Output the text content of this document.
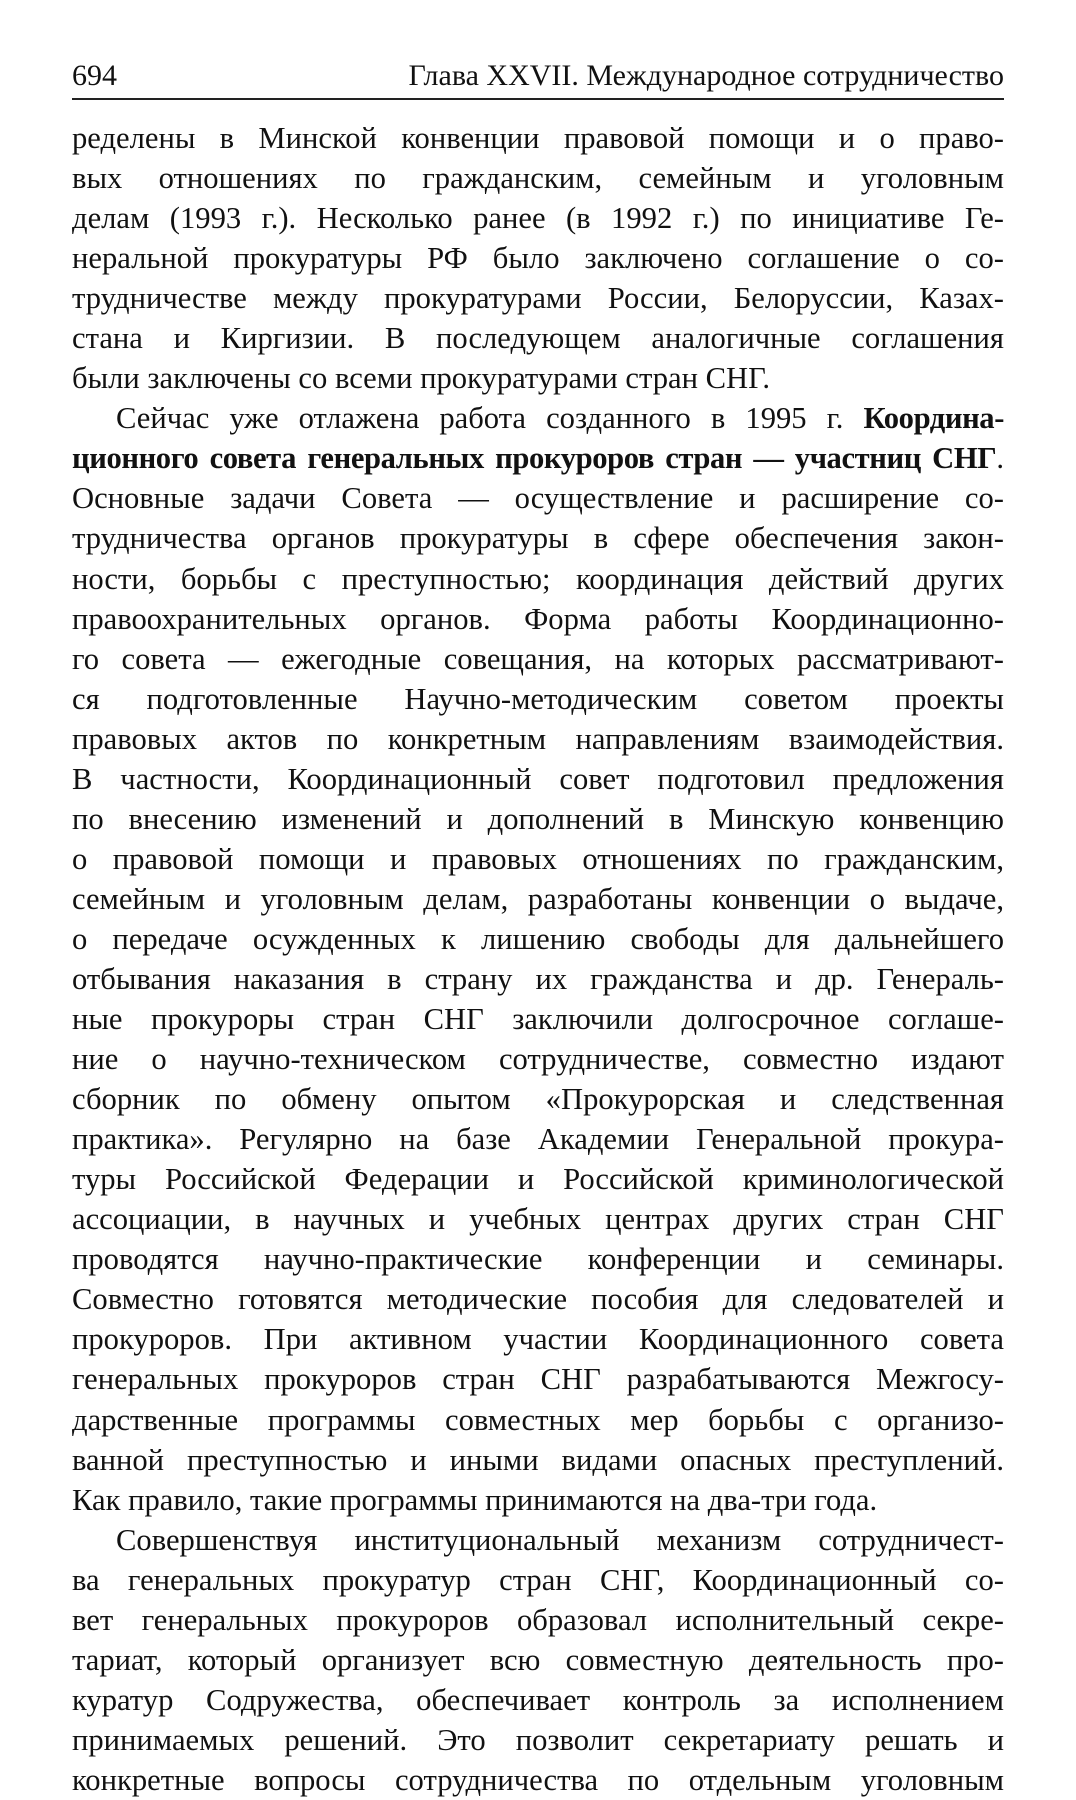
694	Глава XXVII. Международное сотрудничество
ределены в Минской конвенции правовой помощи и о право-
вых отношениях по гражданским, семейным и уголовным
делам (1993 г.). Несколько ранее (в 1992 г.) по инициативе Ге-
неральной прокуратуры РФ было заключено соглашение о со-
трудничестве между прокуратурами России, Белоруссии, Казах-
стана и Киргизии. В последующем аналогичные соглашения
были заключены со всеми прокуратурами стран СНГ.
Сейчас уже отлажена работа созданного в 1995 г. Координа-
ционного совета генеральных прокуроров стран — участниц СНГ.
Основные задачи Совета — осуществление и расширение со-
трудничества органов прокуратуры в сфере обеспечения закон-
ности, борьбы с преступностью; координация действий других
правоохранительных органов. Форма работы Координационно-
го совета — ежегодные совещания, на которых рассматривают-
ся подготовленные Научно-методическим советом проекты
правовых актов по конкретным направлениям взаимодействия.
В частности, Координационный совет подготовил предложения
по внесению изменений и дополнений в Минскую конвенцию
о правовой помощи и правовых отношениях по гражданским,
семейным и уголовным делам, разработаны конвенции о выдаче,
о передаче осужденных к лишению свободы для дальнейшего
отбывания наказания в страну их гражданства и др. Генераль-
ные прокуроры стран СНГ заключили долгосрочное соглаше-
ние о научно-техническом сотрудничестве, совместно издают
сборник по обмену опытом «Прокурорская и следственная
практика». Регулярно на базе Академии Генеральной прокура-
туры Российской Федерации и Российской криминологической
ассоциации, в научных и учебных центрах других стран СНГ
проводятся научно-практические конференции и семинары.
Совместно готовятся методические пособия для следователей и
прокуроров. При активном участии Координационного совета
генеральных прокуроров стран СНГ разрабатываются Межгосу-
дарственные программы совместных мер борьбы с организо-
ванной преступностью и иными видами опасных преступлений.
Как правило, такие программы принимаются на два-три года.
Совершенствуя институциональный механизм сотрудничест-
ва генеральных прокуратур стран СНГ, Координационный со-
вет генеральных прокуроров образовал исполнительный секре-
тариат, который организует всю совместную деятельность про-
куратур Содружества, обеспечивает контроль за исполнением
принимаемых решений. Это позволит секретариату решать и
конкретные вопросы сотрудничества по отдельным уголовным
